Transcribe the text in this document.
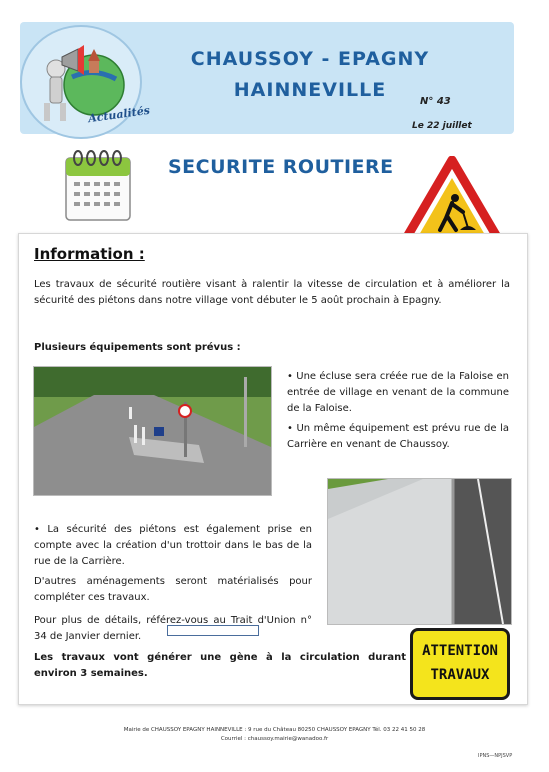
Actualités
CHAUSSOY - EPAGNY
HAINNEVILLE
N° 43
Le 22 juillet
SECURITE ROUTIERE
Information :
Les travaux de sécurité routière visant à ralentir la vitesse de circulation et à améliorer la sécurité des piétons dans notre village vont débuter le 5 août prochain à Epagny.
Plusieurs équipements sont prévus :
• Une écluse sera créée rue de la Faloise en entrée de village en venant de la commune de la Faloise.
• Un même équipement est prévu rue de la Carrière en venant de Chaussoy.
• La sécurité des piétons est également prise en compte avec la création d'un trottoir dans le bas de la rue de la Carrière.
D'autres aménagements seront matérialisés pour compléter ces travaux.
Pour plus de détails, référez-vous au Trait d'Union n° 34 de Janvier dernier.
Les travaux vont générer une gène à la circulation durant environ 3 semaines.
ATTENTION
TRAVAUX
Mairie de CHAUSSOY EPAGNY HAINNEVILLE : 9 rue du Château 80250 CHAUSSOY EPAGNY Tél. 03 22 41 50 28
Courriel : chaussoy.mairie@wanadoo.fr
IPNS—NPJSVP
